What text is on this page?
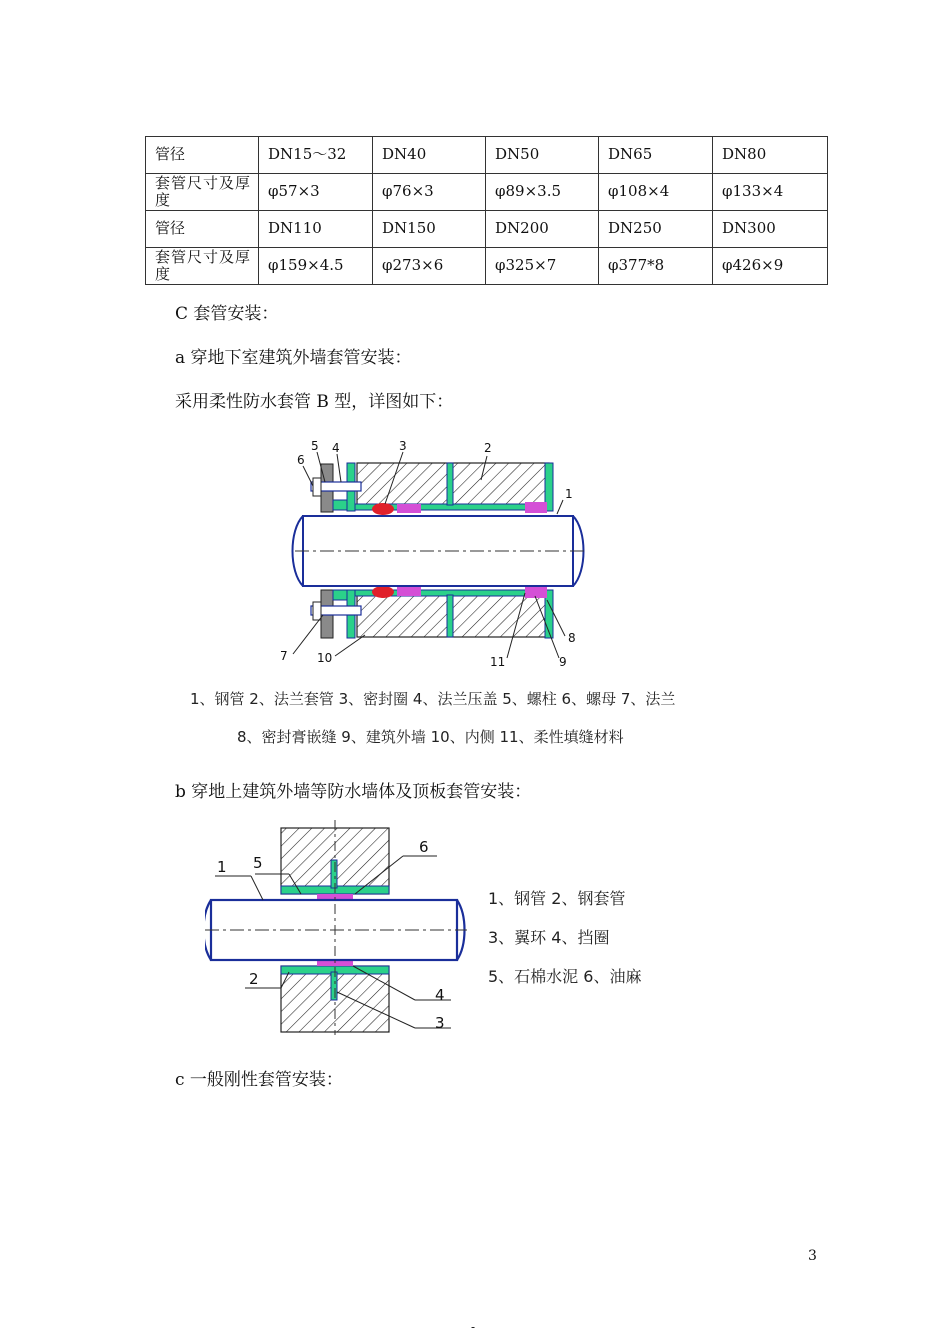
管径	DN15～32	DN40	DN50	DN65	DN80
套管尺寸及厚度	φ57×3	φ76×3	φ89×3.5	φ108×4	φ133×4
管径	DN110	DN150	DN200	DN250	DN300
套管尺寸及厚度	φ159×4.5	φ273×6	φ325×7	φ377*8	φ426×9
C 套管安装：
a 穿地下室建筑外墙套管安装：
采用柔性防水套管 B 型，详图如下：
5 4	3	2
6
1
7 10	11	9
8
1、钢管 2、法兰套管 3、密封圈 4、法兰压盖 5、螺柱 6、螺母 7、法兰
8、密封膏嵌缝 9、建筑外墙 10、内侧 11、柔性填缝材料
b 穿地上建筑外墙等防水墙体及顶板套管安装：
1 5
6
2
4
3
1、钢管 2、钢套管
3、翼环 4、挡圈
5、石棉水泥 6、油麻
c 一般刚性套管安装：
3
-
